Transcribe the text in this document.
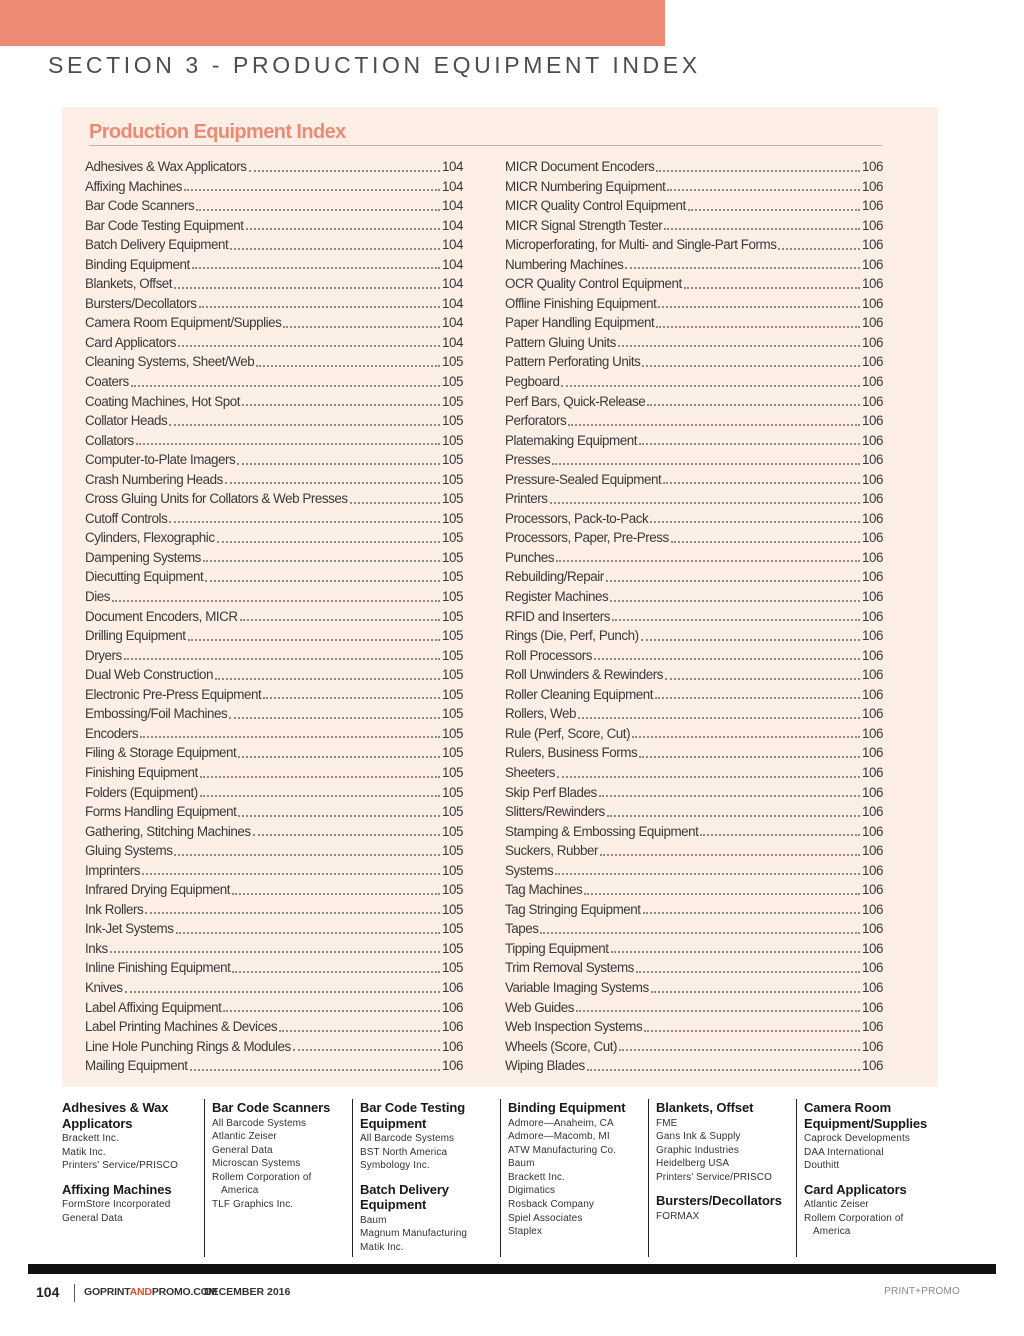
SECTION 3 - PRODUCTION EQUIPMENT INDEX
Production Equipment Index
Adhesives & Wax Applicators	104
Affixing Machines	104
Bar Code Scanners	104
Bar Code Testing Equipment	104
Batch Delivery Equipment	104
Binding Equipment	104
Blankets, Offset	104
Bursters/Decollators	104
Camera Room Equipment/Supplies	104
Card Applicators	104
Cleaning Systems, Sheet/Web	105
Coaters	105
Coating Machines, Hot Spot	105
Collator Heads	105
Collators	105
Computer-to-Plate Imagers	105
Crash Numbering Heads	105
Cross Gluing Units for Collators & Web Presses	105
Cutoff Controls	105
Cylinders, Flexographic	105
Dampening Systems	105
Diecutting Equipment	105
Dies	105
Document Encoders, MICR	105
Drilling Equipment	105
Dryers	105
Dual Web Construction	105
Electronic Pre-Press Equipment	105
Embossing/Foil Machines	105
Encoders	105
Filing & Storage Equipment	105
Finishing Equipment	105
Folders (Equipment)	105
Forms Handling Equipment	105
Gathering, Stitching Machines	105
Gluing Systems	105
Imprinters	105
Infrared Drying Equipment	105
Ink Rollers	105
Ink-Jet Systems	105
Inks	105
Inline Finishing Equipment	105
Knives	106
Label Affixing Equipment	106
Label Printing Machines & Devices	106
Line Hole Punching Rings & Modules	106
Mailing Equipment	106
MICR Document Encoders	106
MICR Numbering Equipment	106
MICR Quality Control Equipment	106
MICR Signal Strength Tester	106
Microperforating, for Multi- and Single-Part Forms	106
Numbering Machines	106
OCR Quality Control Equipment	106
Offline Finishing Equipment	106
Paper Handling Equipment	106
Pattern Gluing Units	106
Pattern Perforating Units	106
Pegboard	106
Perf Bars, Quick-Release	106
Perforators	106
Platemaking Equipment	106
Presses	106
Pressure-Sealed Equipment	106
Printers	106
Processors, Pack-to-Pack	106
Processors, Paper, Pre-Press	106
Punches	106
Rebuilding/Repair	106
Register Machines	106
RFID and Inserters	106
Rings (Die, Perf, Punch)	106
Roll Processors	106
Roll Unwinders & Rewinders	106
Roller Cleaning Equipment	106
Rollers, Web	106
Rule (Perf, Score, Cut)	106
Rulers, Business Forms	106
Sheeters	106
Skip Perf Blades	106
Slitters/Rewinders	106
Stamping & Embossing Equipment	106
Suckers, Rubber	106
Systems	106
Tag Machines	106
Tag Stringing Equipment	106
Tapes	106
Tipping Equipment	106
Trim Removal Systems	106
Variable Imaging Systems	106
Web Guides	106
Web Inspection Systems	106
Wheels (Score, Cut)	106
Wiping Blades	106
Adhesives & Wax Applicators
Brackett Inc.
Matik Inc.
Printers' Service/PRISCO
Affixing Machines
FormStore Incorporated
General Data
Bar Code Scanners
All Barcode Systems
Atlantic Zeiser
General Data
Microscan Systems
Rollem Corporation of
America
TLF Graphics Inc.
Bar Code Testing Equipment
All Barcode Systems
BST North America
Symbology Inc.
Batch Delivery Equipment
Baum
Magnum Manufacturing
Matik Inc.
Binding Equipment
Admore—Anaheim, CA
Admore—Macomb, MI
ATW Manufacturing Co.
Baum
Brackett Inc.
Digimatics
Rosback Company
Spiel Associates
Staplex
Blankets, Offset
FME
Gans Ink & Supply
Graphic Industries
Heidelberg USA
Printers' Service/PRISCO
Bursters/Decollators
FORMAX
Camera Room Equipment/Supplies
Caprock Developments
DAA International
Douthitt
Card Applicators
Atlantic Zeiser
Rollem Corporation of
America
104 GOPRINTANDPROMO.COM
DECEMBER 2016	PRINT+PROMO
